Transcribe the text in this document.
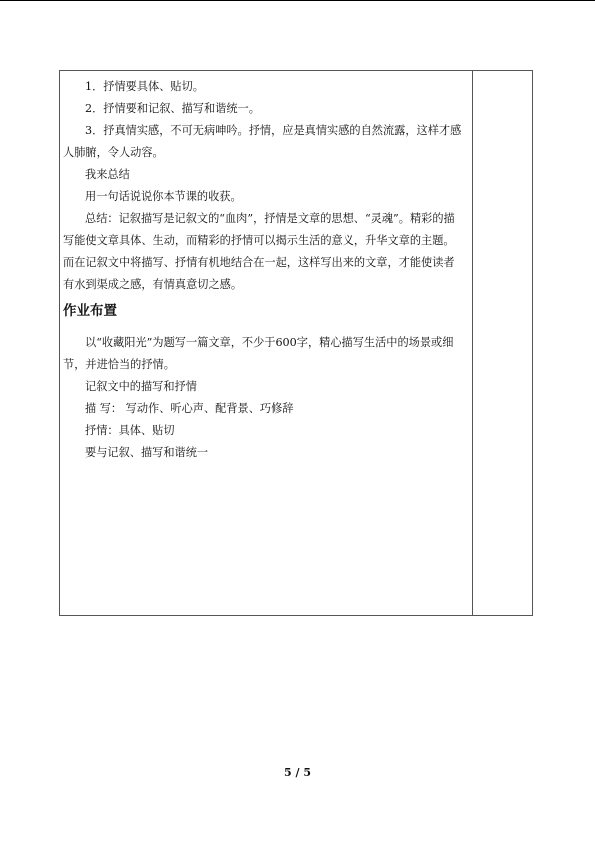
1．抒情要具体、贴切。

2．抒情要和记叙、描写和谐统一。

3．抒真情实感，不可无病呻吟。抒情，应是真情实感的自然流露，这样才感人肺腑，令人动容。

我来总结

用一句话说说你本节课的收获。

总结：记叙描写是记叙文的“血肉”，抒情是文章的思想、“灵魂”。精彩的描写能使文章具体、生动，而精彩的抒情可以揭示生活的意义，升华文章的主题。而在记叙文中将描写、抒情有机地结合在一起，这样写出来的文章，才能使读者有水到渠成之感，有情真意切之感。

作业布置

以“收藏阳光”为题写一篇文章，不少于600字，精心描写生活中的场景或细节，并进恰当的抒情。

记叙文中的描写和抒情

描 写： 写动作、听心声、配背景、巧修辞

抒情：具体、贴切

要与记叙、描写和谐统一

5 / 5
